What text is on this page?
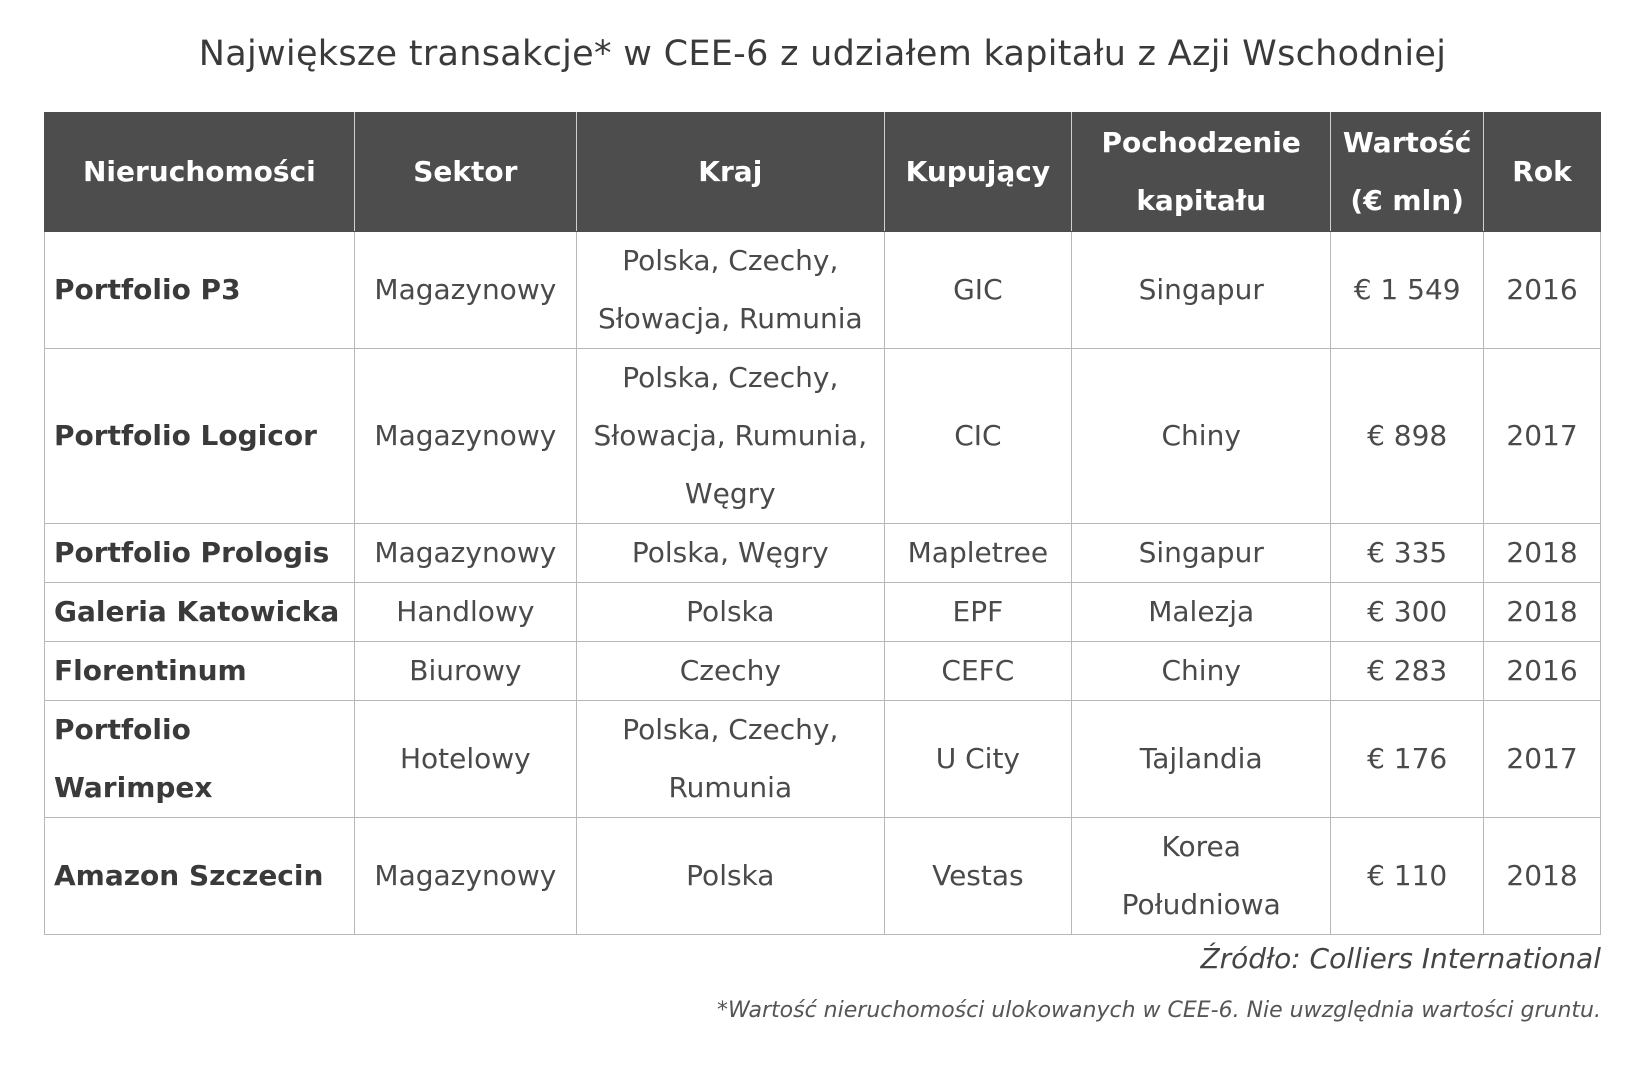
Największe transakcje* w CEE-6 z udziałem kapitału z Azji Wschodniej
Nieruchomości	Sektor	Kraj	Kupujący	Pochodzenie kapitału	Wartość (€ mln)	Rok
Portfolio P3	Magazynowy	Polska, Czechy, Słowacja, Rumunia	GIC	Singapur	€ 1 549	2016
Portfolio Logicor	Magazynowy	Polska, Czechy, Słowacja, Rumunia, Węgry	CIC	Chiny	€ 898	2017
Portfolio Prologis	Magazynowy	Polska, Węgry	Mapletree	Singapur	€ 335	2018
Galeria Katowicka	Handlowy	Polska	EPF	Malezja	€ 300	2018
Florentinum	Biurowy	Czechy	CEFC	Chiny	€ 283	2016
Portfolio Warimpex	Hotelowy	Polska, Czechy, Rumunia	U City	Tajlandia	€ 176	2017
Amazon Szczecin	Magazynowy	Polska	Vestas	Korea Południowa	€ 110	2018
Źródło: Colliers International
*Wartość nieruchomości ulokowanych w CEE-6. Nie uwzględnia wartości gruntu.
